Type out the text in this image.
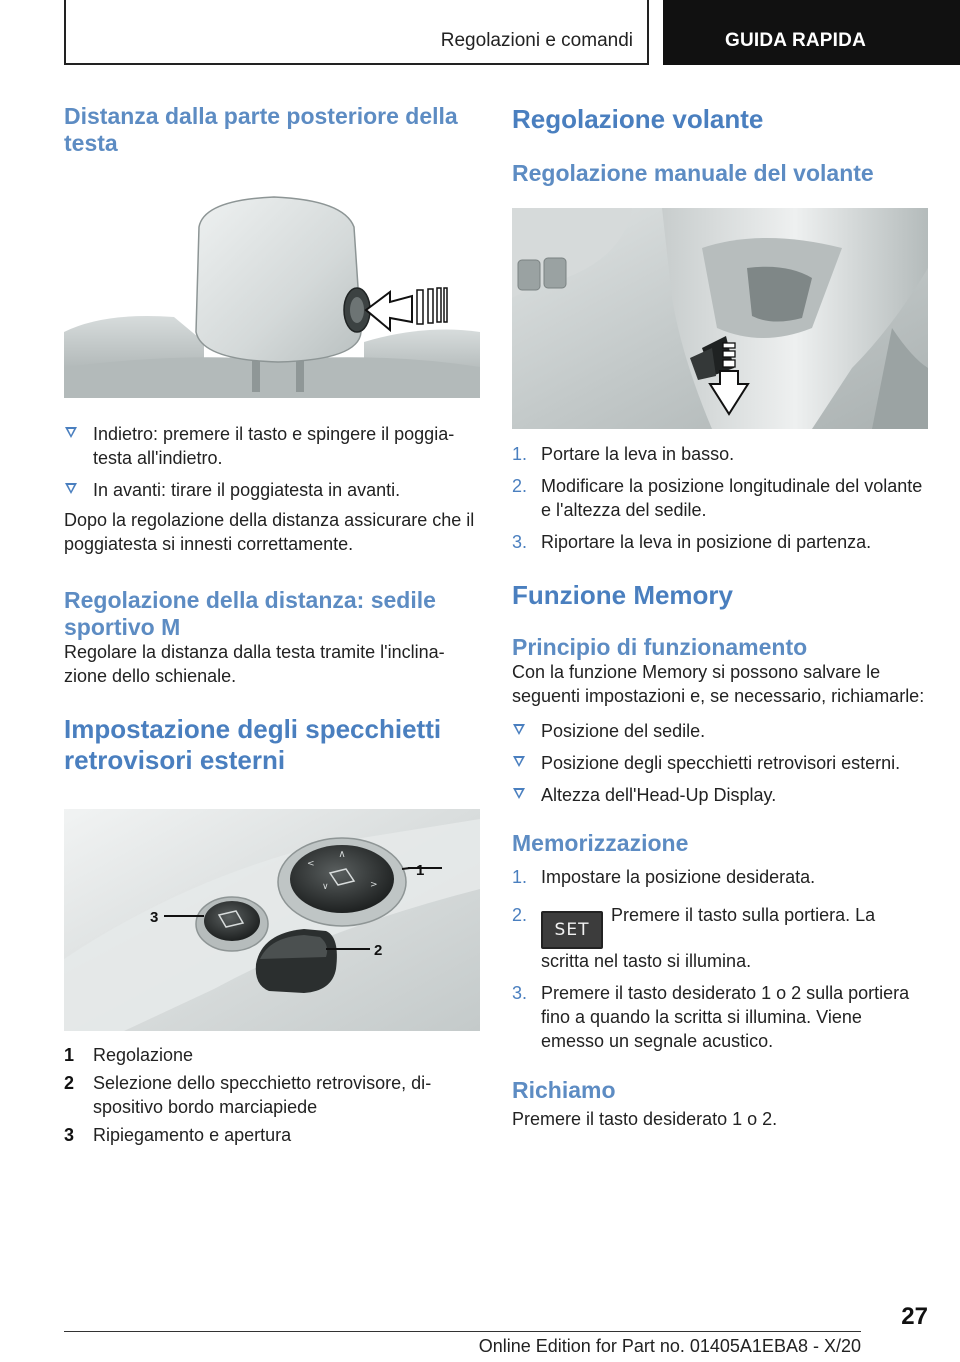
Regolazioni e comandi	GUIDA RAPIDA
Distanza dalla parte posteriore della testa
Indietro: premere il tasto e spingere il poggiatesta all'indietro.
In avanti: tirare il poggiatesta in avanti.

Dopo la regolazione della distanza assicurare che il poggiatesta si innesti correttamente.

Regolazione della distanza: sedile sportivo M

Regolare la distanza dalla testa tramite l'inclinazione dello schienale.

Impostazione degli specchietti retrovisori esterni
∧
<
>
∨
1
2
3
1 Regolazione
2 Selezione dello specchietto retrovisore, dispositivo bordo marciapiede
3 Ripiegamento e apertura
Regolazione volante
Regolazione manuale del volante
1. Portare la leva in basso.
2. Modificare la posizione longitudinale del volante e l'altezza del sedile.
3. Riportare la leva in posizione di partenza.
Funzione Memory
Principio di funzionamento

Con la funzione Memory si possono salvare le seguenti impostazioni e, se necessario, richiamarle:

Posizione del sedile.
Posizione degli specchietti retrovisori esterni.
Altezza dell'Head-Up Display.
Memorizzazione
1. Impostare la posizione desiderata.
2.
SETPremere il tasto sulla portiera. La scritta nel tasto si illumina.
3. Premere il tasto desiderato 1 o 2 sulla portiera fino a quando la scritta si illumina. Viene emesso un segnale acustico.
Richiamo

Premere il tasto desiderato 1 o 2.

27
Online Edition for Part no. 01405A1EBA8 - X/20
